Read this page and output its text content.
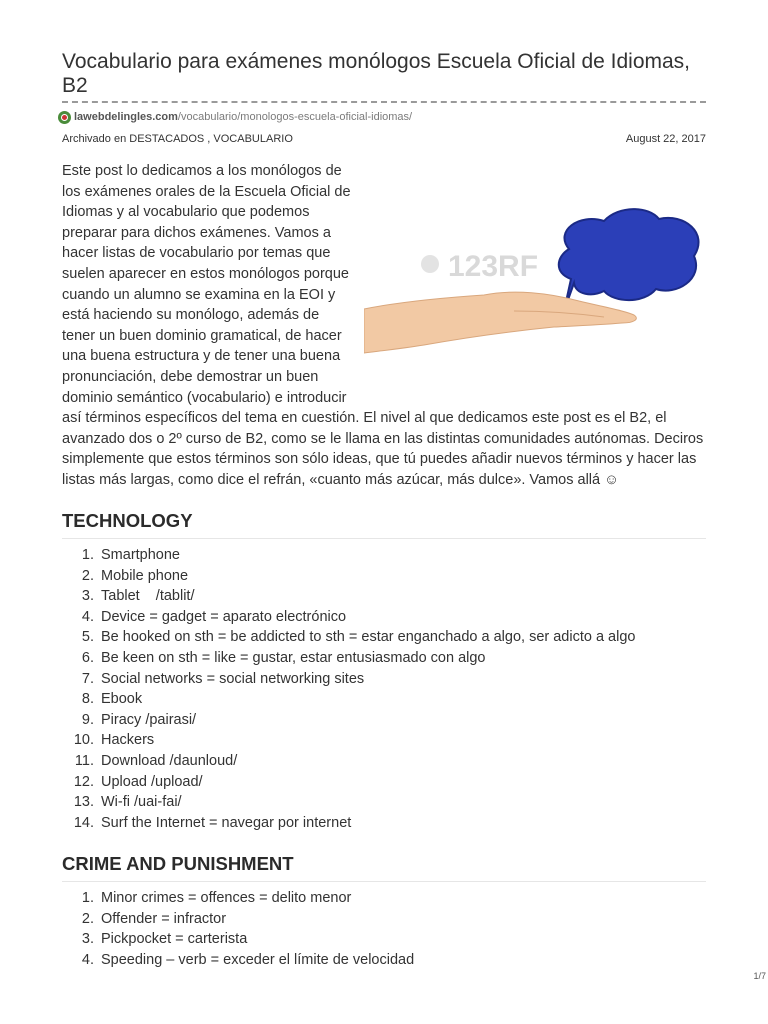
Vocabulario para exámenes monólogos Escuela Oficial de Idiomas, B2
lawebdelingles.com /vocabulario/monologos-escuela-oficial-idiomas/
Archivado en DESTACADOS , VOCABULARIO	August 22, 2017
123RF

Este post lo dedicamos a los monólogos de los exámenes orales de la Escuela Oficial de Idiomas y al vocabulario que podemos preparar para dichos exámenes. Vamos a hacer listas de vocabulario por temas que suelen aparecer en estos monólogos porque cuando un alumno se examina en la EOI y está haciendo su monólogo, además de tener un buen dominio gramatical, de hacer una buena estructura y de tener una buena pronunciación, debe demostrar un buen dominio semántico (vocabulario) e introducir así términos específicos del tema en cuestión. El nivel al que dedicamos este post es el B2, el avanzado dos o 2º curso de B2, como se le llama en las distintas comunidades autónomas. Deciros simplemente que estos términos son sólo ideas, que tú puedes añadir nuevos términos y hacer las listas más largas, como dice el refrán, «cuanto más azúcar, más dulce». Vamos allá ☺

TECHNOLOGY
1. Smartphone
2. Mobile phone
3. Tablet    /tablit/
4. Device = gadget = aparato electrónico
5. Be hooked on sth = be addicted to sth = estar enganchado a algo, ser adicto a algo
6. Be keen on sth = like = gustar, estar entusiasmado con algo
7. Social networks = social networking sites
8. Ebook
9. Piracy /pairasi/
10. Hackers
11. Download /daunloud/
12. Upload /upload/
13. Wi-fi /uai-fai/
14. Surf the Internet = navegar por internet
CRIME AND PUNISHMENT
1. Minor crimes = offences = delito menor
2. Offender = infractor
3. Pickpocket = carterista
4. Speeding – verb = exceder el límite de velocidad
1/7
